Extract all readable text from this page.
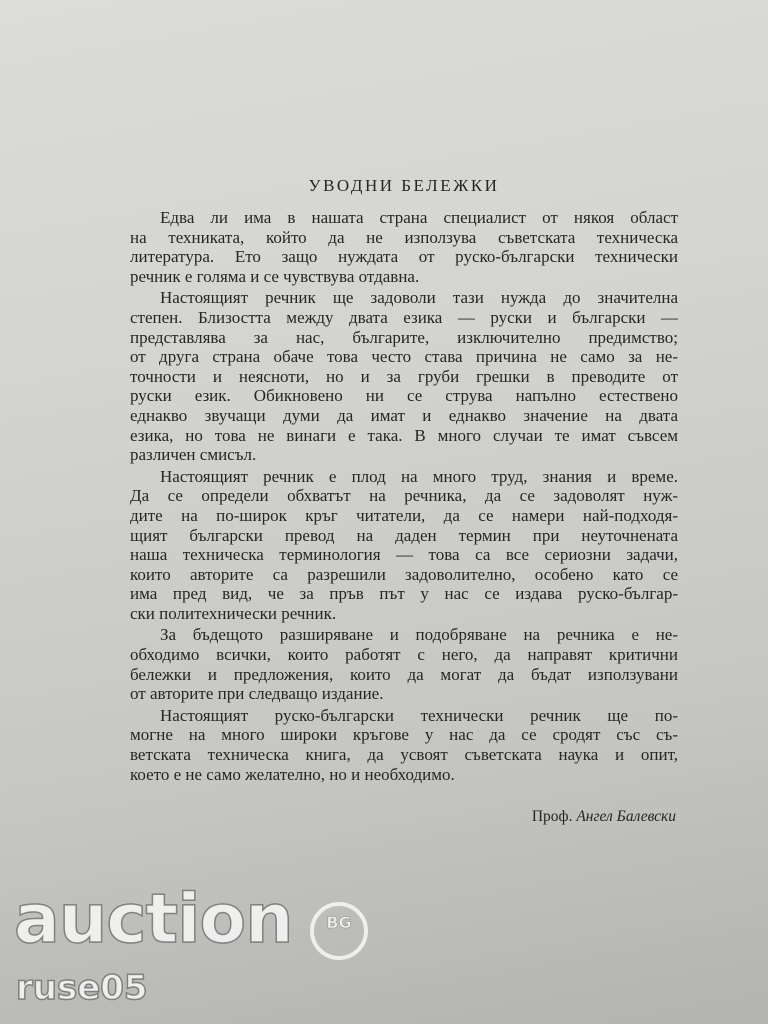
УВОДНИ БЕЛЕЖКИ
Едва ли има в нашата страна специалист от някоя област
на техниката, който да не използува съветската техническа
литература. Ето защо нуждата от руско-български технически
речник е голяма и се чувствува отдавна.
Настоящият речник ще задоволи тази нужда до значителна
степен. Близостта между двата езика — руски и български —
представлява за нас, българите, изключително предимство;
от друга страна обаче това често става причина не само за не-
точности и неясноти, но и за груби грешки в преводите от
руски език. Обикновено ни се струва напълно естествено
еднакво звучащи думи да имат и еднакво значение на двата
езика, но това не винаги е така. В много случаи те имат съвсем
различен смисъл.
Настоящият речник е плод на много труд, знания и време.
Да се определи обхватът на речника, да се задоволят нуж-
дите на по-широк кръг читатели, да се намери най-подходя-
щият български превод на даден термин при неуточнената
наша техническа терминология — това са все сериозни задачи,
които авторите са разрешили задоволително, особено като се
има пред вид, че за пръв път у нас се издава руско-българ-
ски политехнически речник.
За бъдещото разширяване и подобряване на речника е не-
обходимо всички, които работят с него, да направят критични
бележки и предложения, които да могат да бъдат използувани
от авторите при следващо издание.
Настоящият руско-български технически речник ще по-
могне на много широки кръгове у нас да се сродят със съ-
ветската техническа книга, да усвоят съветската наука и опит,
което е не само желателно, но и необходимо.
Проф. Ангел Балевски
auction	BG
ruse05
